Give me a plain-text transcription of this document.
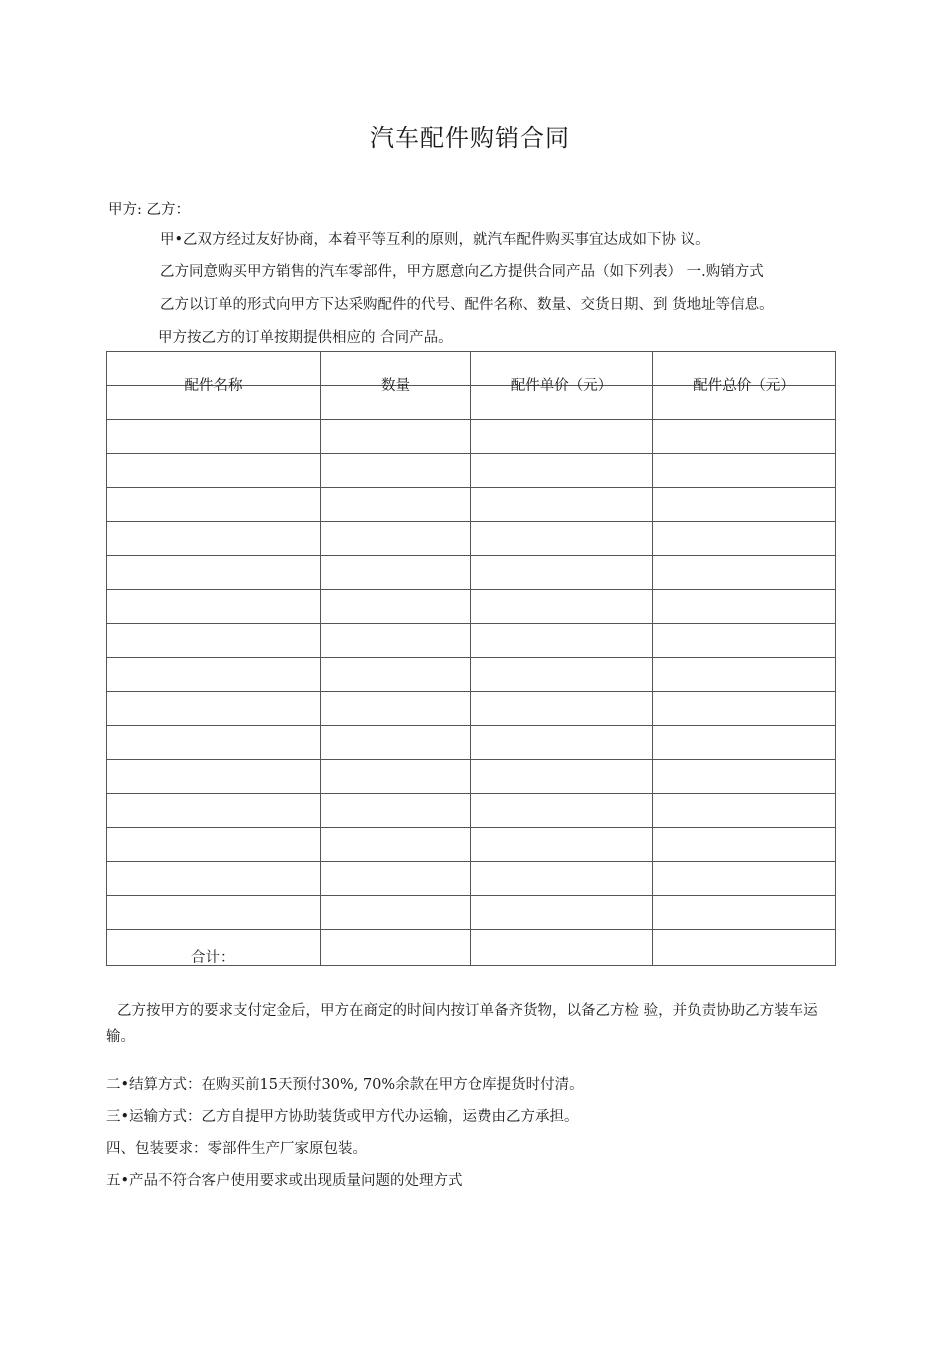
汽车配件购销合同
甲方: 乙方：
甲•乙双方经过友好协商，本着平等互利的原则，就汽车配件购买事宜达成如下协 议。
乙方同意购买甲方销售的汽车零部件，甲方愿意向乙方提供合同产品（如下列表） 一.购销方式
乙方以订单的形式向甲方下达采购配件的代号、配件名称、数量、交货日期、到 货地址等信息。
甲方按乙方的订单按期提供相应的 合同产品。
配件名称	数量	配件单价（元）	配件总价（元）

合计：			

乙方按甲方的要求支付定金后，甲方在商定的时间内按订单备齐货物，以备乙方检 验，并负责协助乙方装车运输。
二•结算方式：在购买前15天预付30%, 70%余款在甲方仓库提货时付清。
三•运输方式：乙方自提甲方协助装货或甲方代办运输，运费由乙方承担。
四、包装要求：零部件生产厂家原包装。
五•产品不符合客户使用要求或出现质量问题的处理方式
